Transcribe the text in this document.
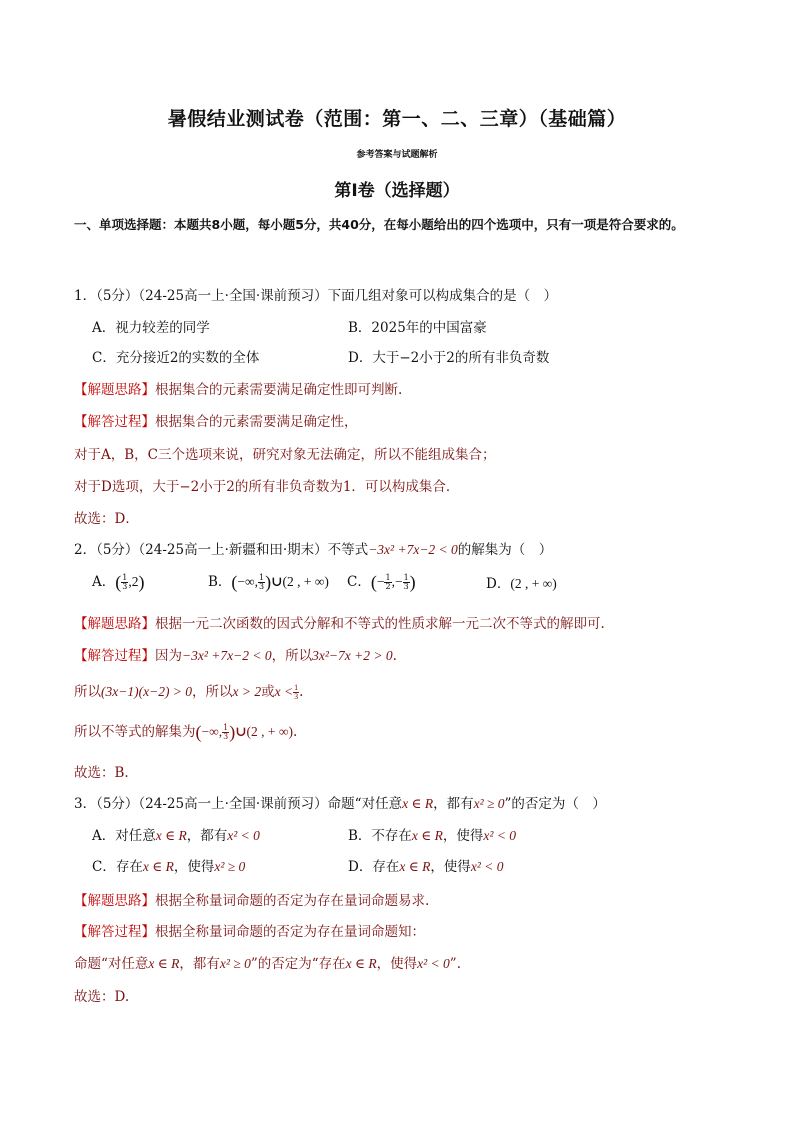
暑假结业测试卷（范围：第一、二、三章）（基础篇）
参考答案与试题解析
第I卷（选择题）
一、单项选择题：本题共8小题，每小题5分，共40分，在每小题给出的四个选项中，只有一项是符合要求的。
1．（5分）（24-25高一上·全国·课前预习）下面几组对象可以构成集合的是（　）
A．视力较差的同学	B．2025年的中国富豪
C．充分接近2的实数的全体	D．大于−2小于2的所有非负奇数
【解题思路】根据集合的元素需要满足确定性即可判断.
【解答过程】根据集合的元素需要满足确定性，
对于A，B，C三个选项来说，研究对象无法确定，所以不能组成集合；
对于D选项，大于−2小于2的所有非负奇数为1．可以构成集合．
故选：D．
2．（5分）（24-25高一上·新疆和田·期末）不等式−3x² +7x−2 < 0的解集为（　）
A．( $\frac{1}{3} ,2$)	B．(−∞, $\frac{1}{3}$ )∪(2 , + ∞) C．(− $\frac{1}{2}$ ,− $\frac{1}{3}$ )	D．(2 , + ∞)
【解题思路】根据一元二次函数的因式分解和不等式的性质求解一元二次不等式的解即可.
【解答过程】因为−3x² +7x−2 < 0，所以3x²−7x +2 > 0.
所以(3x−1)(x−2) > 0，所以x > 2或$x < \frac{1}{3}$ .
所以不等式的解集为(−∞, $\frac{1}{3}$ )∪(2 , + ∞).
故选：B.
3．（5分）（24-25高一上·全国·课前预习）命题“对任意x ∈ R，都有x² ≥ 0”的否定为（　）
A．对任意x ∈ R，都有x² < 0	B．不存在x ∈ R，使得x² < 0
C．存在x ∈ R，使得x² ≥ 0	D．存在x ∈ R，使得x² < 0
【解题思路】根据全称量词命题的否定为存在量词命题易求.
【解答过程】根据全称量词命题的否定为存在量词命题知：
命题“对任意x ∈ R，都有x² ≥ 0”的否定为“存在x ∈ R，使得x² < 0”.
故选：D.
